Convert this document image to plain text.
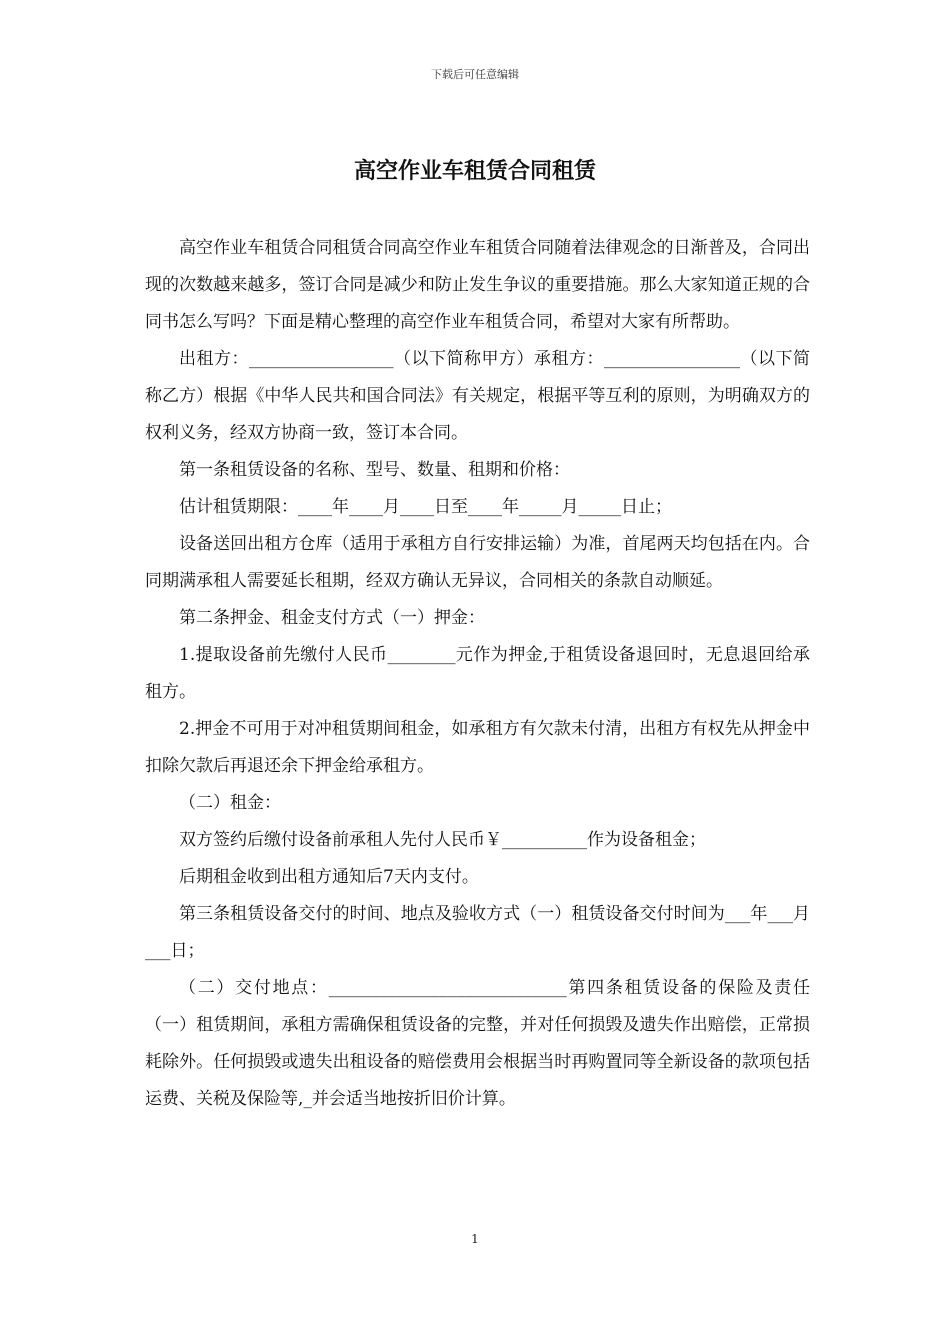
下载后可任意编辑
高空作业车租赁合同租赁

高空作业车租赁合同租赁合同高空作业车租赁合同随着法律观念的日渐普及，合同出现的次数越来越多，签订合同是减少和防止发生争议的重要措施。那么大家知道正规的合同书怎么写吗？下面是精心整理的高空作业车租赁合同，希望对大家有所帮助。

出租方：_________________（以下简称甲方）承租方：________________（以下简称乙方）根据《中华人民共和国合同法》有关规定，根据平等互利的原则，为明确双方的权利义务，经双方协商一致，签订本合同。

第一条租赁设备的名称、型号、数量、租期和价格：

估计租赁期限：____年____月____日至____年_____月_____日止；

设备送回出租方仓库（适用于承租方自行安排运输）为准，首尾两天均包括在内。合同期满承租人需要延长租期，经双方确认无异议，合同相关的条款自动顺延。

第二条押金、租金支付方式（一）押金：

1.提取设备前先缴付人民币________元作为押金,于租赁设备退回时，无息退回给承租方。

2.押金不可用于对冲租赁期间租金，如承租方有欠款未付清，出租方有权先从押金中扣除欠款后再退还余下押金给承租方。

（二）租金：

双方签约后缴付设备前承租人先付人民币￥__________作为设备租金；

后期租金收到出租方通知后7天内支付。

第三条租赁设备交付的时间、地点及验收方式（一）租赁设备交付时间为___年___月___日；

（二）交付地点：____________________________第四条租赁设备的保险及责任（一）租赁期间，承租方需确保租赁设备的完整，并对任何损毁及遗失作出赔偿，正常损耗除外。任何损毁或遗失出租设备的赔偿费用会根据当时再购置同等全新设备的款项包括运费、关税及保险等,_并会适当地按折旧价计算。

1
